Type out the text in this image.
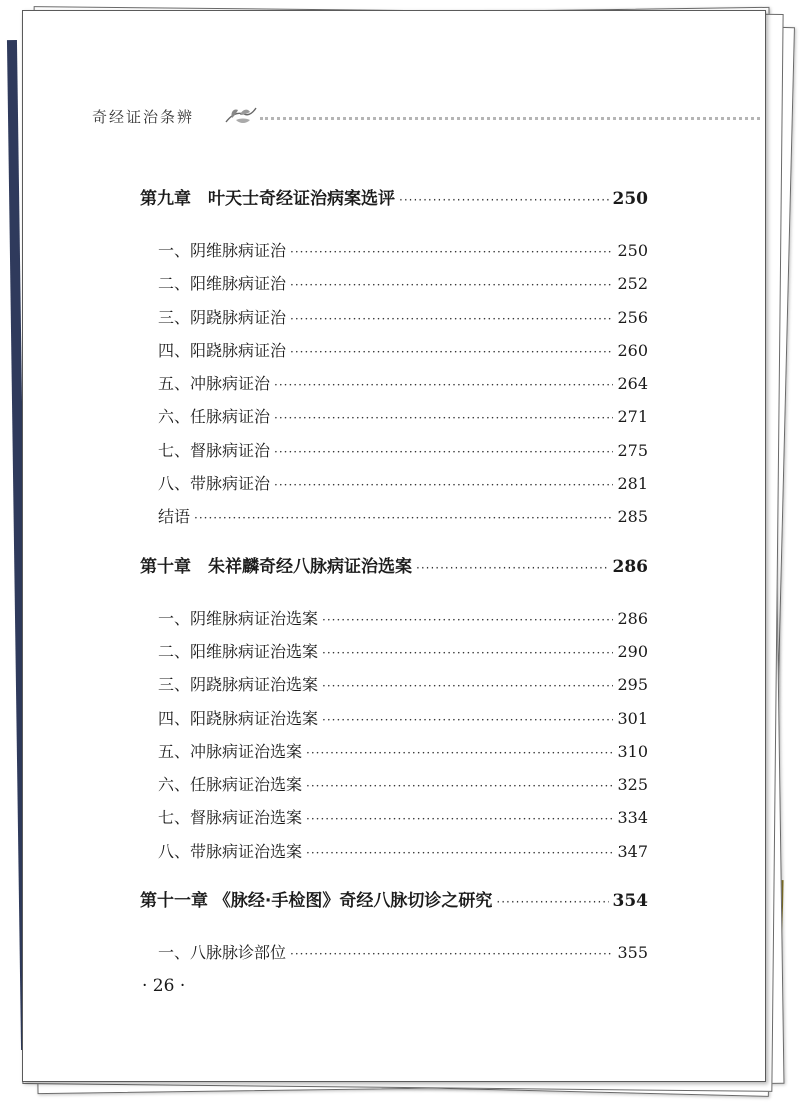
奇经证治条辨
第九章　叶天士奇经证治病案选评 ·····	250
一、阴维脉病证治 ·····	250
二、阳维脉病证治 ·····	252
三、阴跷脉病证治 ·····	256
四、阳跷脉病证治 ·····	260
五、冲脉病证治 ·····	264
六、任脉病证治 ·····	271
七、督脉病证治 ·····	275
八、带脉病证治 ·····	281
结语 ·····	285
第十章　朱祥麟奇经八脉病证治选案 ·····	286
一、阴维脉病证治选案 ·····	286
二、阳维脉病证治选案 ·····	290
三、阴跷脉病证治选案 ·····	295
四、阳跷脉病证治选案 ·····	301
五、冲脉病证治选案 ·····	310
六、任脉病证治选案 ·····	325
七、督脉病证治选案 ·····	334
八、带脉病证治选案 ·····	347
第十一章 《脉经·手检图》奇经八脉切诊之研究 ·····	354
一、八脉脉诊部位 ·····	355
· 26 ·
